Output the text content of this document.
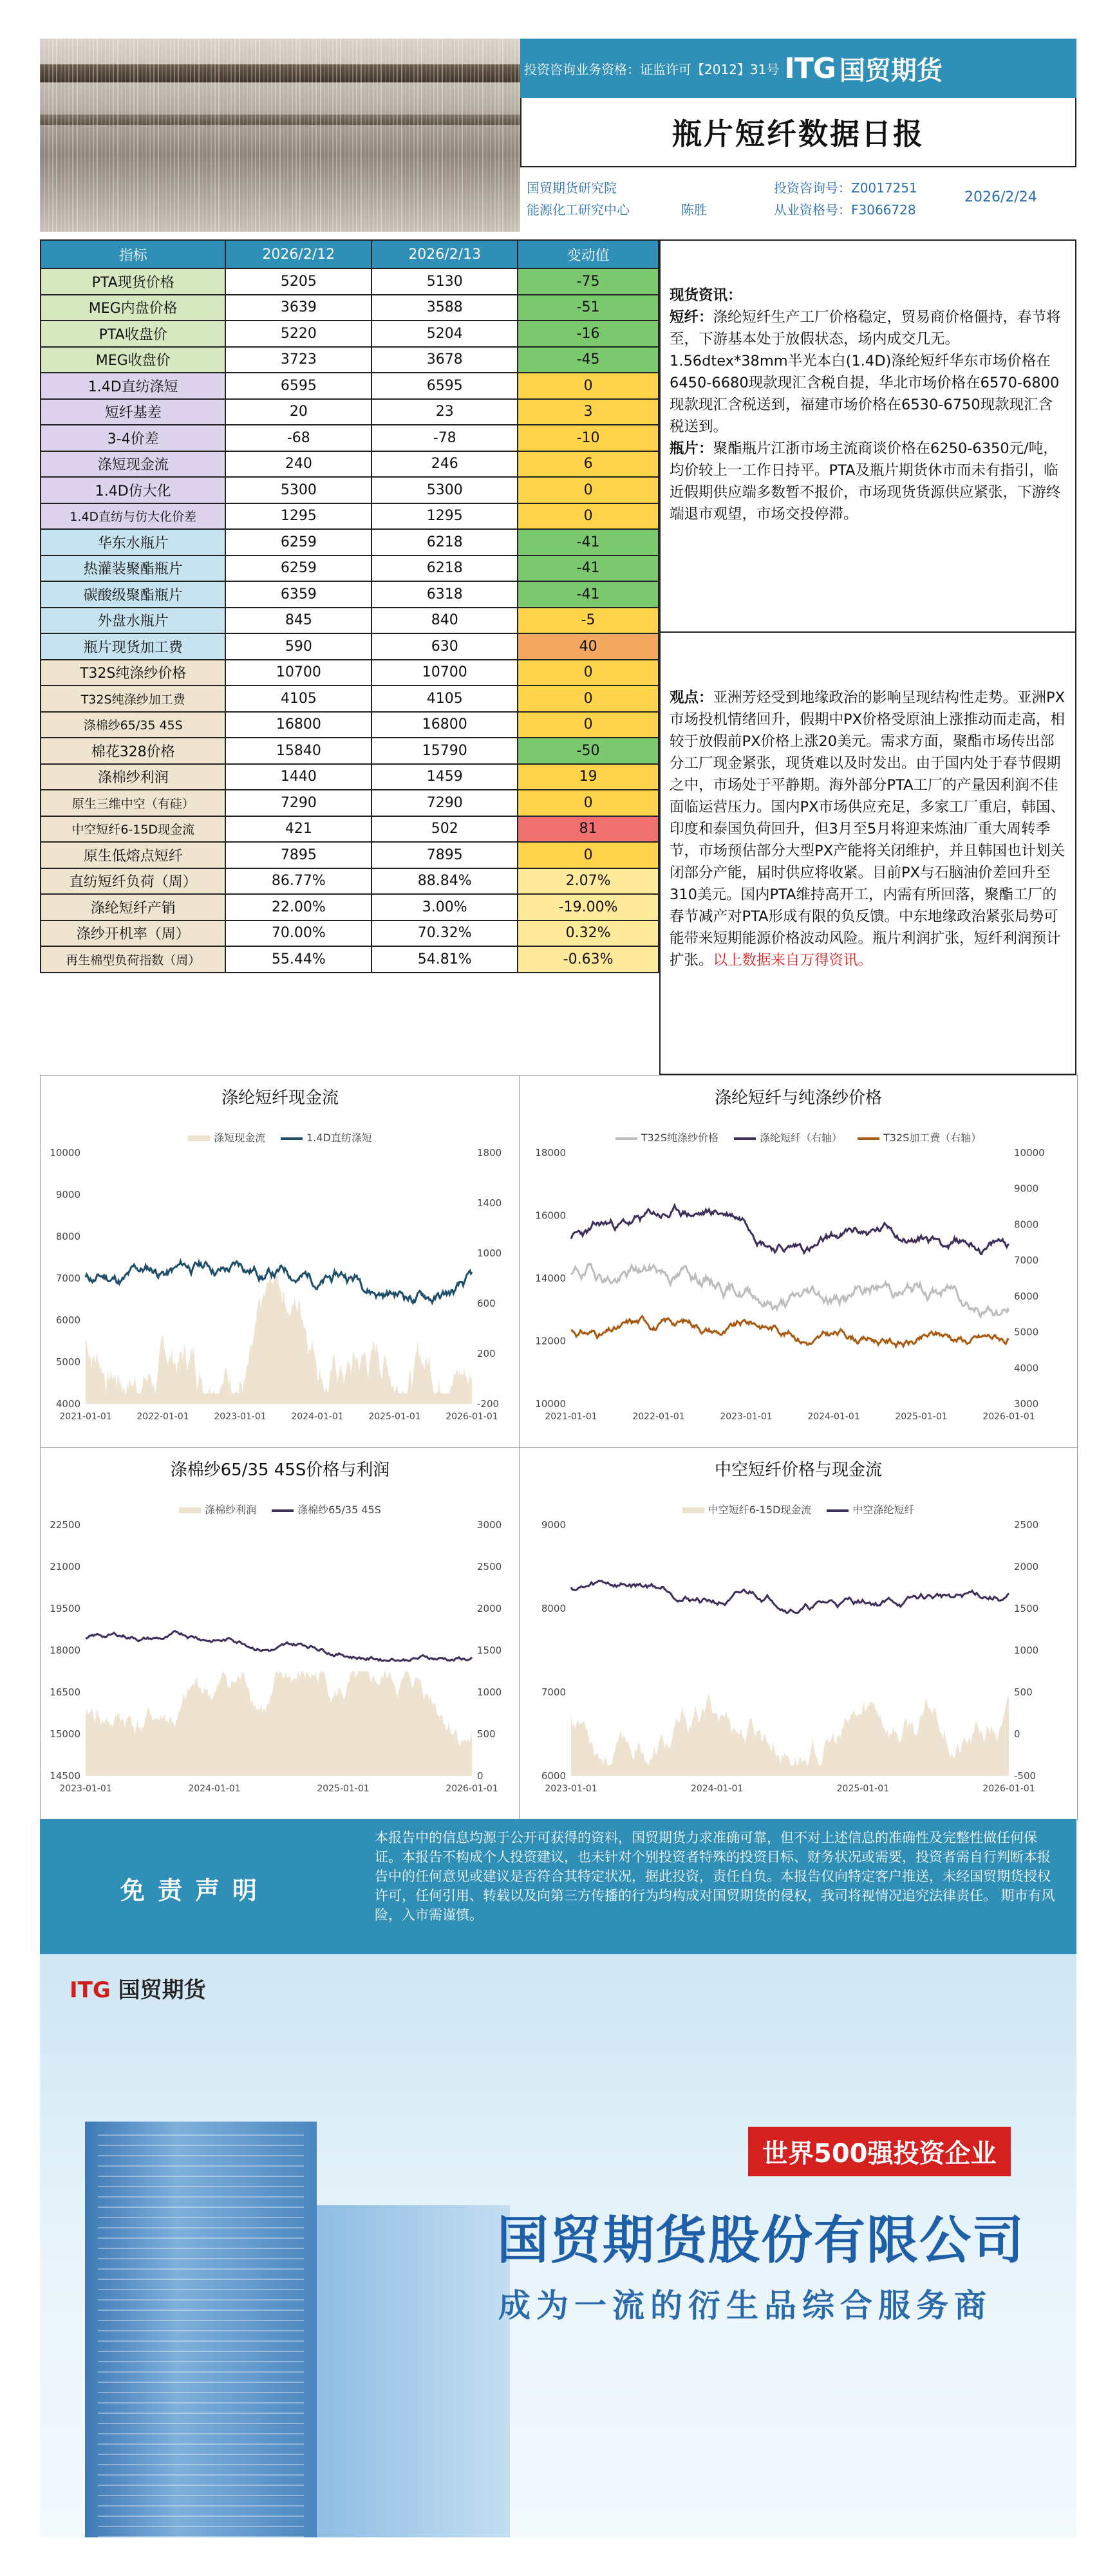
投资咨询业务资格：证监许可【2012】31号 ITG 国贸期货
瓶片短纤数据日报
国贸期货研究院
能源化工研究中心	陈胜
投资咨询号：Z0017251
从业资格号：F3066728
2026/2/24
指标	2026/2/12	2026/2/13	变动值
PTA现货价格	5205	5130	-75
MEG内盘价格	3639	3588	-51
PTA收盘价	5220	5204	-16
MEG收盘价	3723	3678	-45
1.4D直纺涤短	6595	6595	0
短纤基差	20	23	3
3-4价差	-68	-78	-10
涤短现金流	240	246	6
1.4D仿大化	5300	5300	0
1.4D直纺与仿大化价差	1295	1295	0
华东水瓶片	6259	6218	-41
热灌装聚酯瓶片	6259	6218	-41
碳酸级聚酯瓶片	6359	6318	-41
外盘水瓶片	845	840	-5
瓶片现货加工费	590	630	40
T32S纯涤纱价格	10700	10700	0
T32S纯涤纱加工费	4105	4105	0
涤棉纱65/35 45S	16800	16800	0
棉花328价格	15840	15790	-50
涤棉纱利润	1440	1459	19
原生三维中空（有硅）	7290	7290	0
中空短纤6-15D现金流	421	502	81
原生低熔点短纤	7895	7895	0
直纺短纤负荷（周）	86.77%	88.84%	2.07%
涤纶短纤产销	22.00%	3.00%	-19.00%
涤纱开机率（周）	70.00%	70.32%	0.32%
再生棉型负荷指数（周）	55.44%	54.81%	-0.63%
现货资讯：
短纤：涤纶短纤生产工厂价格稳定，贸易商价格僵持，春节将至，下游基本处于放假状态，场内成交几无。1.56dtex*38mm半光本白(1.4D)涤纶短纤华东市场价格在6450-6680现款现汇含税自提，华北市场价格在6570-6800现款现汇含税送到，福建市场价格在6530-6750现款现汇含税送到。
瓶片：聚酯瓶片江浙市场主流商谈价格在6250-6350元/吨，均价较上一工作日持平。PTA及瓶片期货休市而未有指引，临近假期供应端多数暂不报价，市场现货货源供应紧张，下游终端退市观望，市场交投停滞。
观点：亚洲芳烃受到地缘政治的影响呈现结构性走势。亚洲PX市场投机情绪回升，假期中PX价格受原油上涨推动而走高，相较于放假前PX价格上涨20美元。需求方面，聚酯市场传出部分工厂现金紧张，现货难以及时发出。由于国内处于春节假期之中，市场处于平静期。海外部分PTA工厂的产量因利润不佳面临运营压力。国内PX市场供应充足，多家工厂重启，韩国、印度和泰国负荷回升，但3月至5月将迎来炼油厂重大周转季节，市场预估部分大型PX产能将关闭维护，并且韩国也计划关闭部分产能，届时供应将收紧。目前PX与石脑油价差回升至310美元。国内PTA维持高开工，内需有所回落，聚酯工厂的春节减产对PTA形成有限的负反馈。中东地缘政治紧张局势可能带来短期能源价格波动风险。瓶片利润扩张，短纤利润预计扩张。以上数据来自万得资讯。
涤纶短纤现金流
涤短现金流	1.4D直纺涤短
10000
9000
8000
7000
6000
5000
4000
1800
1400
1000
600
200
-200
2021-01-01	2022-01-01	2023-01-01	2024-01-01	2025-01-01	2026-01-01
涤纶短纤与纯涤纱价格
T32S纯涤纱价格	涤纶短纤（右轴）	T32S加工费（右轴）
18000
16000
14000
12000
10000
10000
9000
8000
7000
6000
5000
4000
3000
2021-01-01	2022-01-01	2023-01-01	2024-01-01	2025-01-01	2026-01-01
涤棉纱65/35 45S价格与利润
涤棉纱利润	涤棉纱65/35 45S
22500
21000
19500
18000
16500
15000
14500
3000
2500
2000
1500
1000
500
0
2023-01-01	2024-01-01	2025-01-01	2026-01-01
中空短纤价格与现金流
中空短纤6-15D现金流	中空涤纶短纤
9000
8000
7000
6000
2500
2000
1500
1000
500
0
-500
2023-01-01	2024-01-01	2025-01-01	2026-01-01
免责声明
本报告中的信息均源于公开可获得的资料，国贸期货力求准确可靠，但不对上述信息的准确性及完整性做任何保证。本报告不构成个人投资建议，也未针对个别投资者特殊的投资目标、财务状况或需要，投资者需自行判断本报告中的任何意见或建议是否符合其特定状况，据此投资，责任自负。本报告仅向特定客户推送，未经国贸期货授权许可，任何引用、转载以及向第三方传播的行为均构成对国贸期货的侵权，我司将视情况追究法律责任。 期市有风险，入市需谨慎。
ITG 国贸期货
世界500强投资企业
国贸期货股份有限公司
成为一流的衍生品综合服务商
